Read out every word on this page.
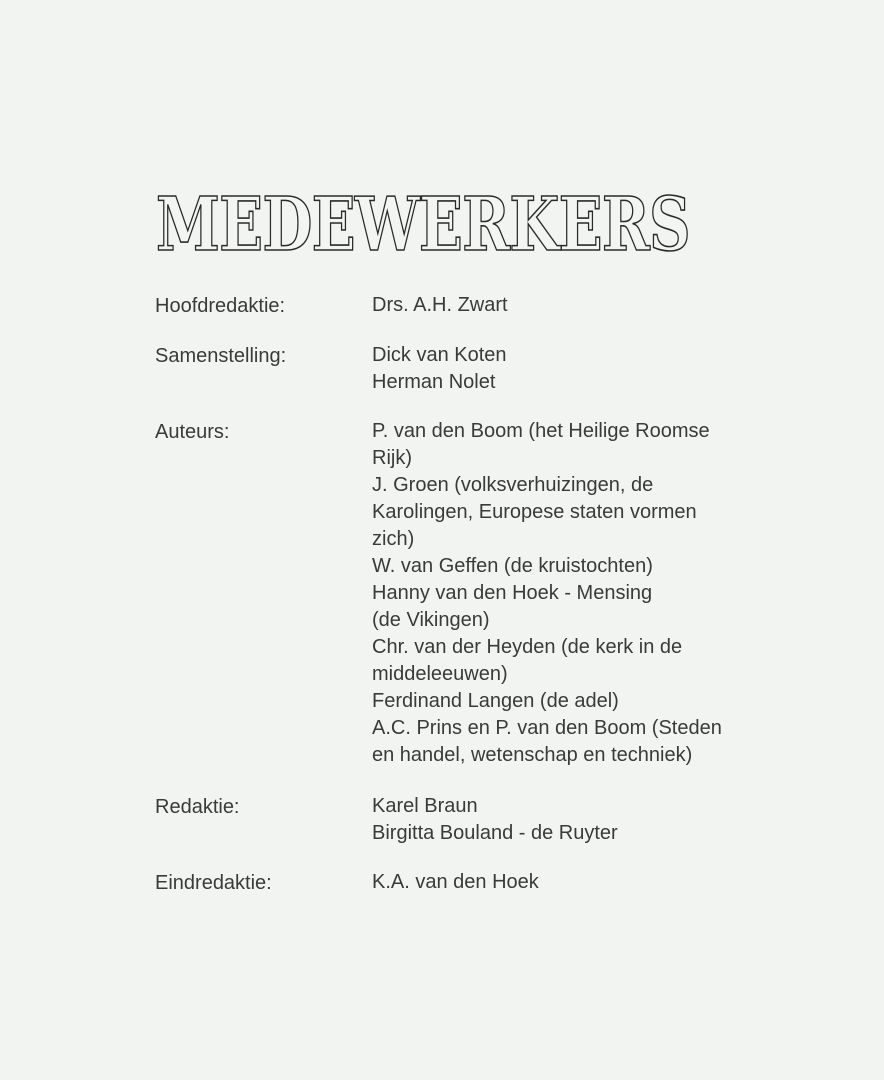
MEDEWERKERS
Hoofdredaktie:	Drs. A.H. Zwart
Samenstelling:	Dick van Koten
Herman Nolet
Auteurs:	P. van den Boom (het Heilige Roomse
Rijk)
J. Groen (volksverhuizingen, de
Karolingen, Europese staten vormen
zich)
W. van Geffen (de kruistochten)
Hanny van den Hoek - Mensing
(de Vikingen)
Chr. van der Heyden (de kerk in de
middeleeuwen)
Ferdinand Langen (de adel)
A.C. Prins en P. van den Boom (Steden
en handel, wetenschap en techniek)
Redaktie:	Karel Braun
Birgitta Bouland - de Ruyter
Eindredaktie:	K.A. van den Hoek
